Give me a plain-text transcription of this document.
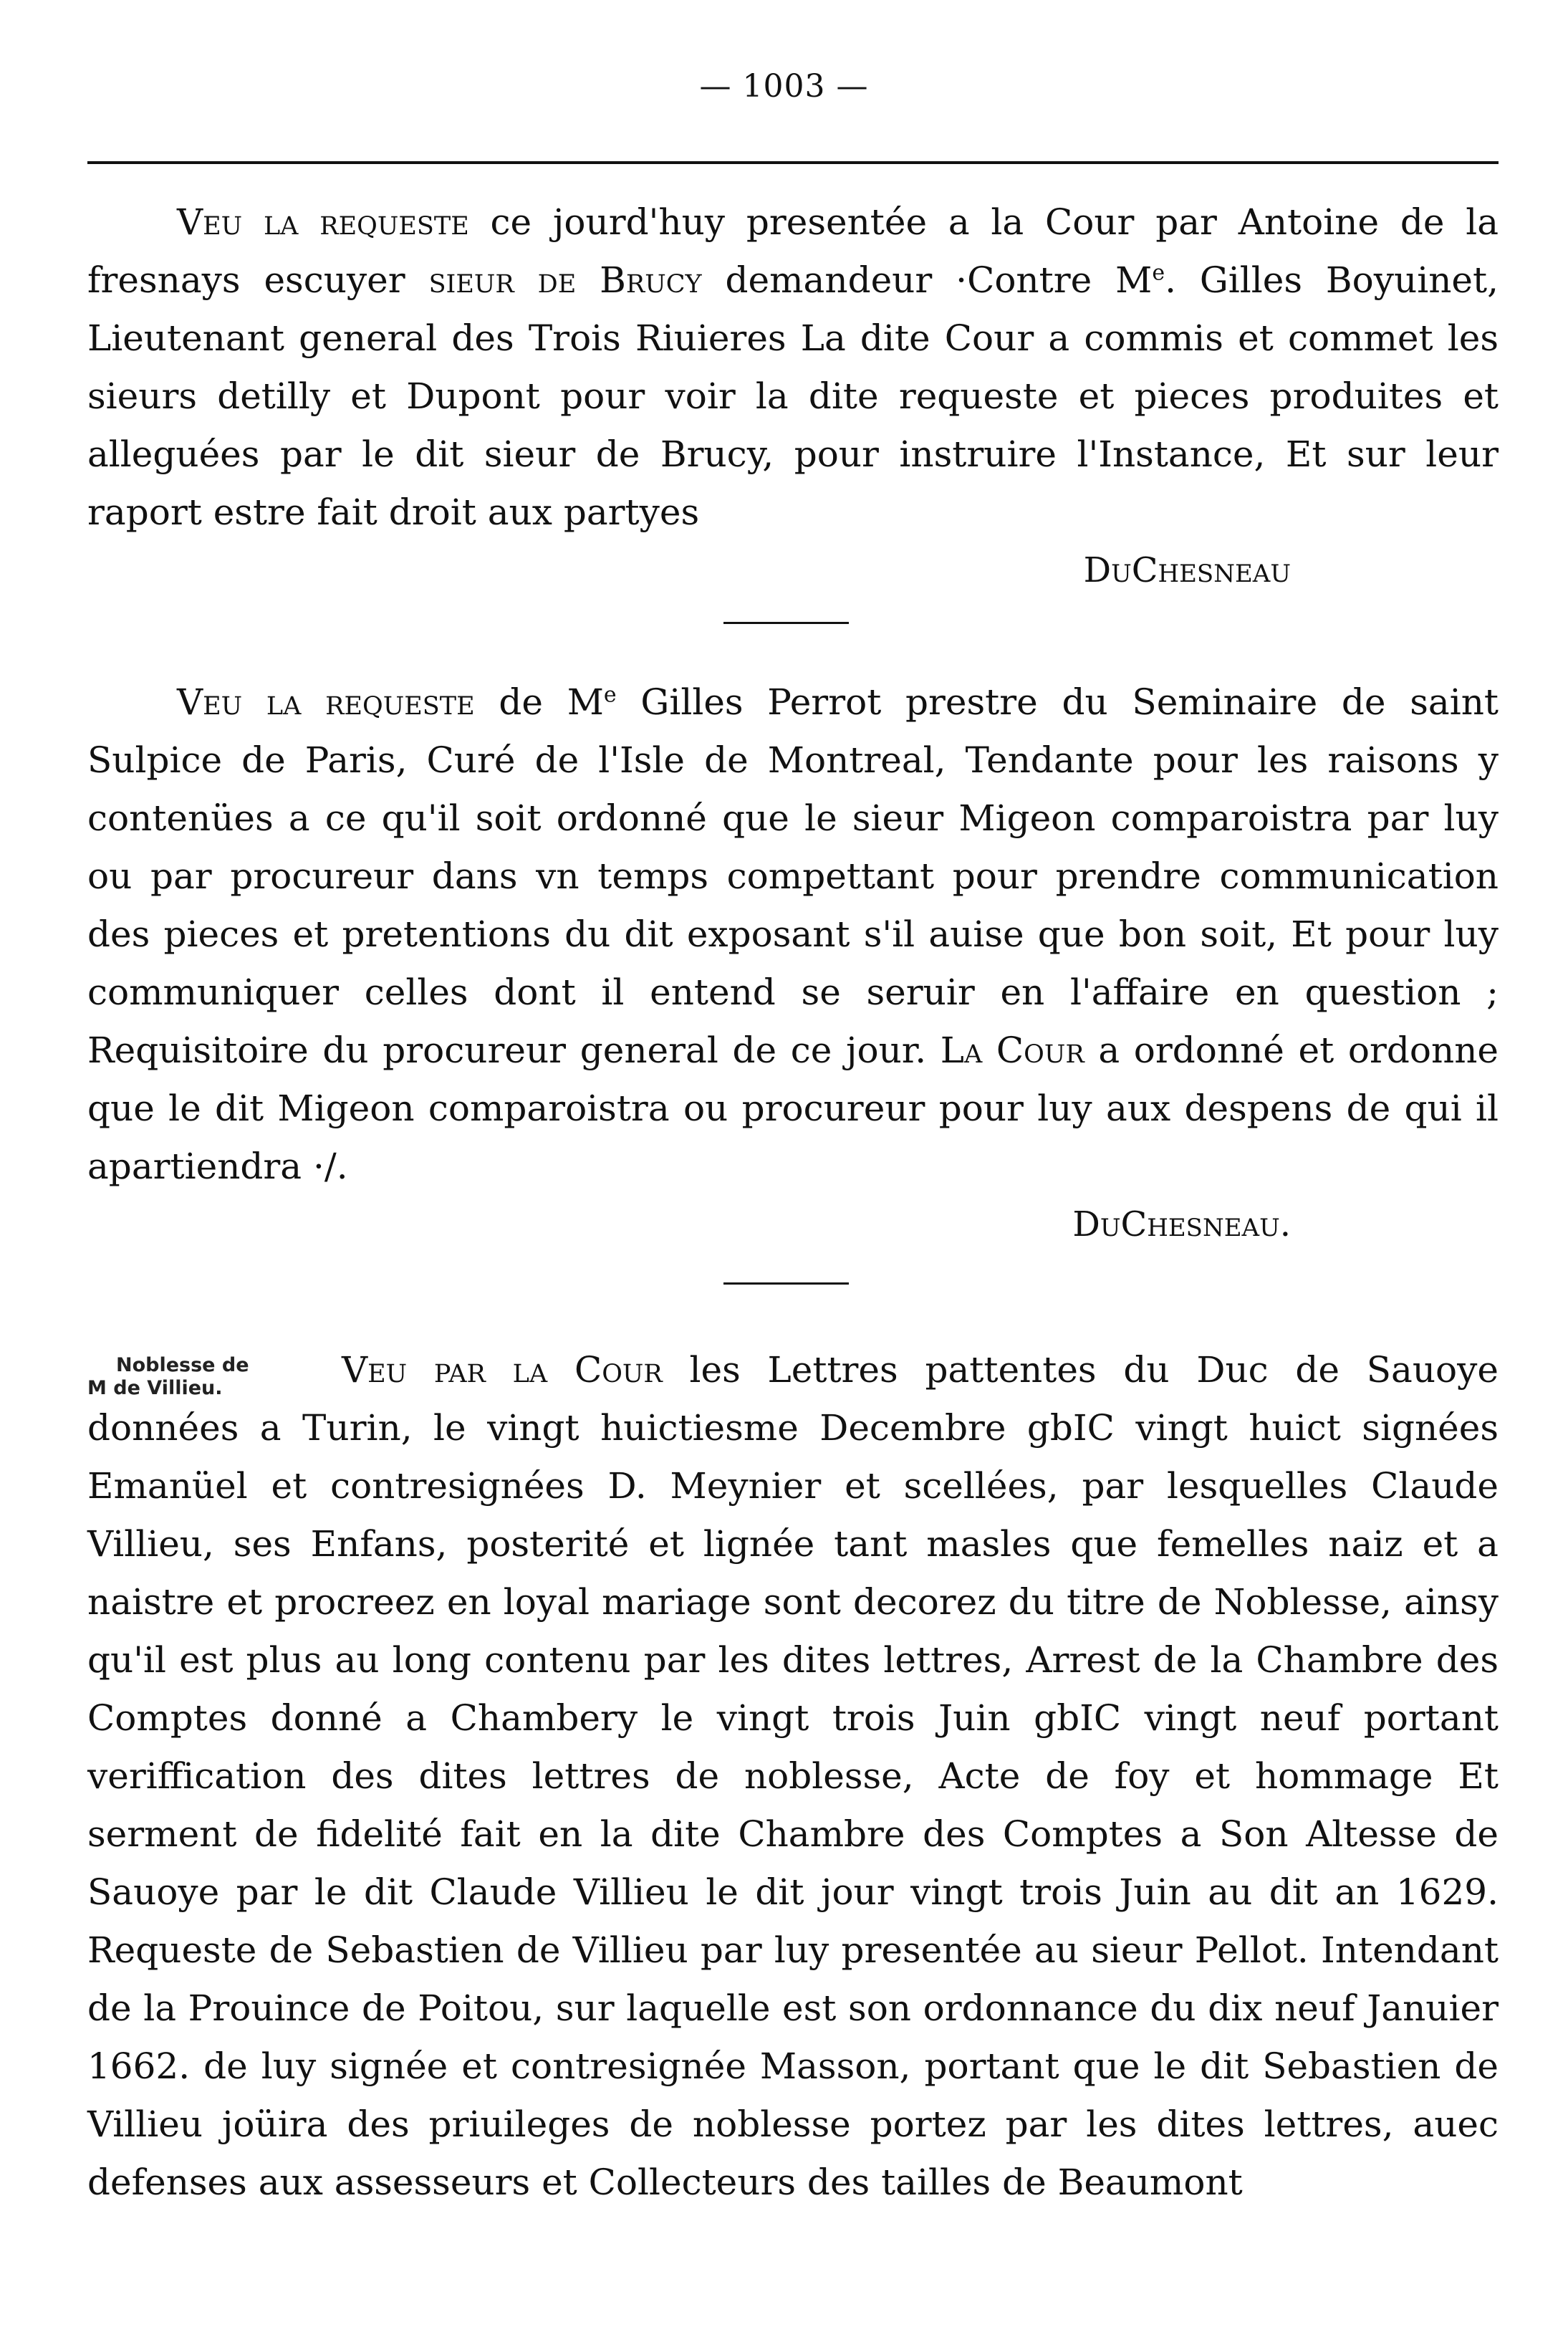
— 1003 —

Veu la requeste ce jourd'huy presentée a la Cour par Antoine de la fresnays escuyer sieur de Brucy demandeur ·Contre Me. Gilles Boyuinet, Lieutenant general des Trois Riuieres La dite Cour a commis et commet les sieurs detilly et Dupont pour voir la dite requeste et pieces produites et alleguées par le dit sieur de Brucy, pour instruire l'Instance, Et sur leur raport estre fait droit aux partyes

DuChesneau

Veu la requeste de Me Gilles Perrot prestre du Seminaire de saint Sulpice de Paris, Curé de l'Isle de Montreal, Tendante pour les raisons y contenües a ce qu'il soit ordonné que le sieur Migeon comparoistra par luy ou par procureur dans vn temps compettant pour prendre communication des pieces et pretentions du dit exposant s'il auise que bon soit, Et pour luy communiquer celles dont il entend se seruir en l'affaire en question ; Requisitoire du procureur general de ce jour. La Cour a ordonné et ordonne que le dit Migeon comparoistra ou procureur pour luy aux despens de qui il apartiendra ·/.

DuChesneau.

Noblesse de
M de Villieu.	Veu par la Cour les Lettres pattentes du Duc de Sauoye données a Turin, le vingt huictiesme Decembre gbIC vingt huict signées Emanüel et contresignées D. Meynier et scellées, par lesquelles Claude Villieu, ses Enfans, posterité et lignée tant masles que femelles naiz et a naistre et procreez en loyal mariage sont decorez du titre de Noblesse, ainsy qu'il est plus au long contenu par les dites lettres, Arrest de la Chambre des Comptes donné a Chambery le vingt trois Juin gbIC vingt neuf portant veriffication des dites lettres de noblesse, Acte de foy et hommage Et serment de fidelité fait en la dite Chambre des Comptes a Son Altesse de Sauoye par le dit Claude Villieu le dit jour vingt trois Juin au dit an 1629. Requeste de Sebastien de Villieu par luy presentée au sieur Pellot. Intendant de la Prouince de Poitou, sur laquelle est son ordonnance du dix neuf Januier 1662. de luy signée et contresignée Masson, portant que le dit Sebastien de Villieu joüira des priuileges de noblesse portez par les dites lettres, auec defenses aux assesseurs et Collecteurs des tailles de Beaumont
